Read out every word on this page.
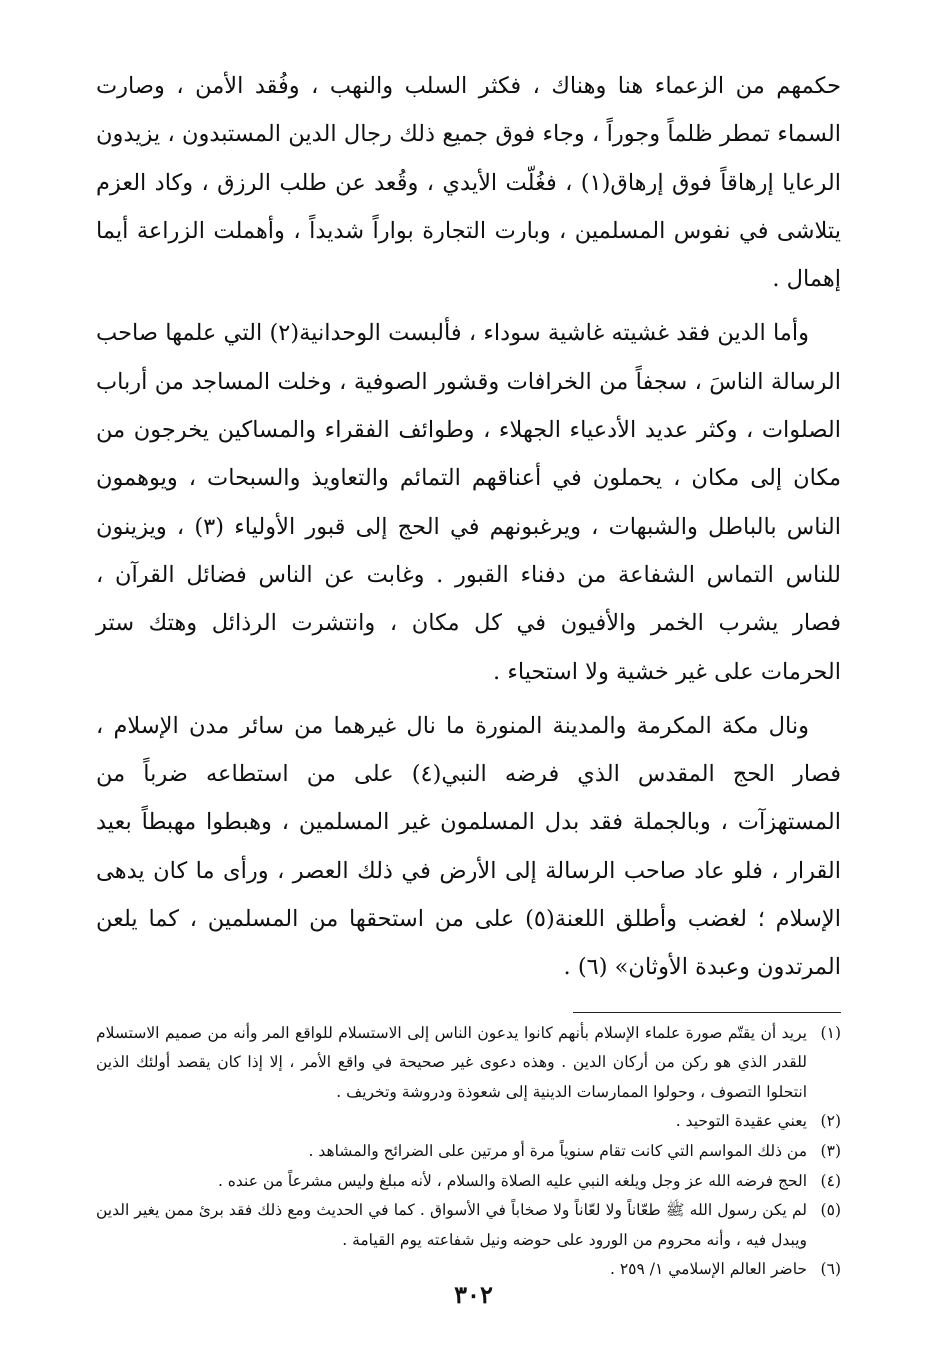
حكمهم من الزعماء هنا وهناك ، فكثر السلب والنهب ، وفُقد الأمن ، وصارت السماء تمطر ظلماً وجوراً ، وجاء فوق جميع ذلك رجال الدين المستبدون ، يزيدون الرعايا إرهاقاً فوق إرهاق(١) ، فغُلّت الأيدي ، وقُعد عن طلب الرزق ، وكاد العزم يتلاشى في نفوس المسلمين ، وبارت التجارة بواراً شديداً ، وأهملت الزراعة أيما إهمال .

وأما الدين فقد غشيته غاشية سوداء ، فألبست الوحدانية(٢) التي علمها صاحب الرسالة الناسَ ، سجفاً من الخرافات وقشور الصوفية ، وخلت المساجد من أرباب الصلوات ، وكثر عديد الأدعياء الجهلاء ، وطوائف الفقراء والمساكين يخرجون من مكان إلى مكان ، يحملون في أعناقهم التمائم والتعاويذ والسبحات ، ويوهمون الناس بالباطل والشبهات ، ويرغبونهم في الحج إلى قبور الأولياء (٣) ، ويزينون للناس التماس الشفاعة من دفناء القبور . وغابت عن الناس فضائل القرآن ، فصار يشرب الخمر والأفيون في كل مكان ، وانتشرت الرذائل وهتك ستر الحرمات على غير خشية ولا استحياء .

ونال مكة المكرمة والمدينة المنورة ما نال غيرهما من سائر مدن الإسلام ، فصار الحج المقدس الذي فرضه النبي(٤) على من استطاعه ضرباً من المستهزآت ، وبالجملة فقد بدل المسلمون غير المسلمين ، وهبطوا مهبطاً بعيد القرار ، فلو عاد صاحب الرسالة إلى الأرض في ذلك العصر ، ورأى ما كان يدهى الإسلام ؛ لغضب وأطلق اللعنة(٥) على من استحقها من المسلمين ، كما يلعن المرتدون وعبدة الأوثان» (٦) .

(١)
يريد أن يقتّم صورة علماء الإسلام بأنهم كانوا يدعون الناس إلى الاستسلام للواقع المر وأنه من صميم الاستسلام للقدر الذي هو ركن من أركان الدين . وهذه دعوى غير صحيحة في واقع الأمر ، إلا إذا كان يقصد أولئك الذين انتحلوا التصوف ، وحولوا الممارسات الدينية إلى شعوذة ودروشة وتخريف .
(٢)
يعني عقيدة التوحيد .
(٣)
من ذلك المواسم التي كانت تقام سنوياً مرة أو مرتين على الضرائح والمشاهد .
(٤)
الحج فرضه الله عز وجل ويلغه النبي عليه الصلاة والسلام ، لأنه مبلغ وليس مشرعاً من عنده .
(٥)
لم يكن رسول الله ﷺ طعّاناً ولا لعّاناً ولا صخاباً في الأسواق . كما في الحديث ومع ذلك فقد برئ ممن يغير الدين ويبدل فيه ، وأنه محروم من الورود على حوضه ونيل شفاعته يوم القيامة .
(٦)
حاضر العالم الإسلامي ١/ ٢٥٩ .
٣٠٢
